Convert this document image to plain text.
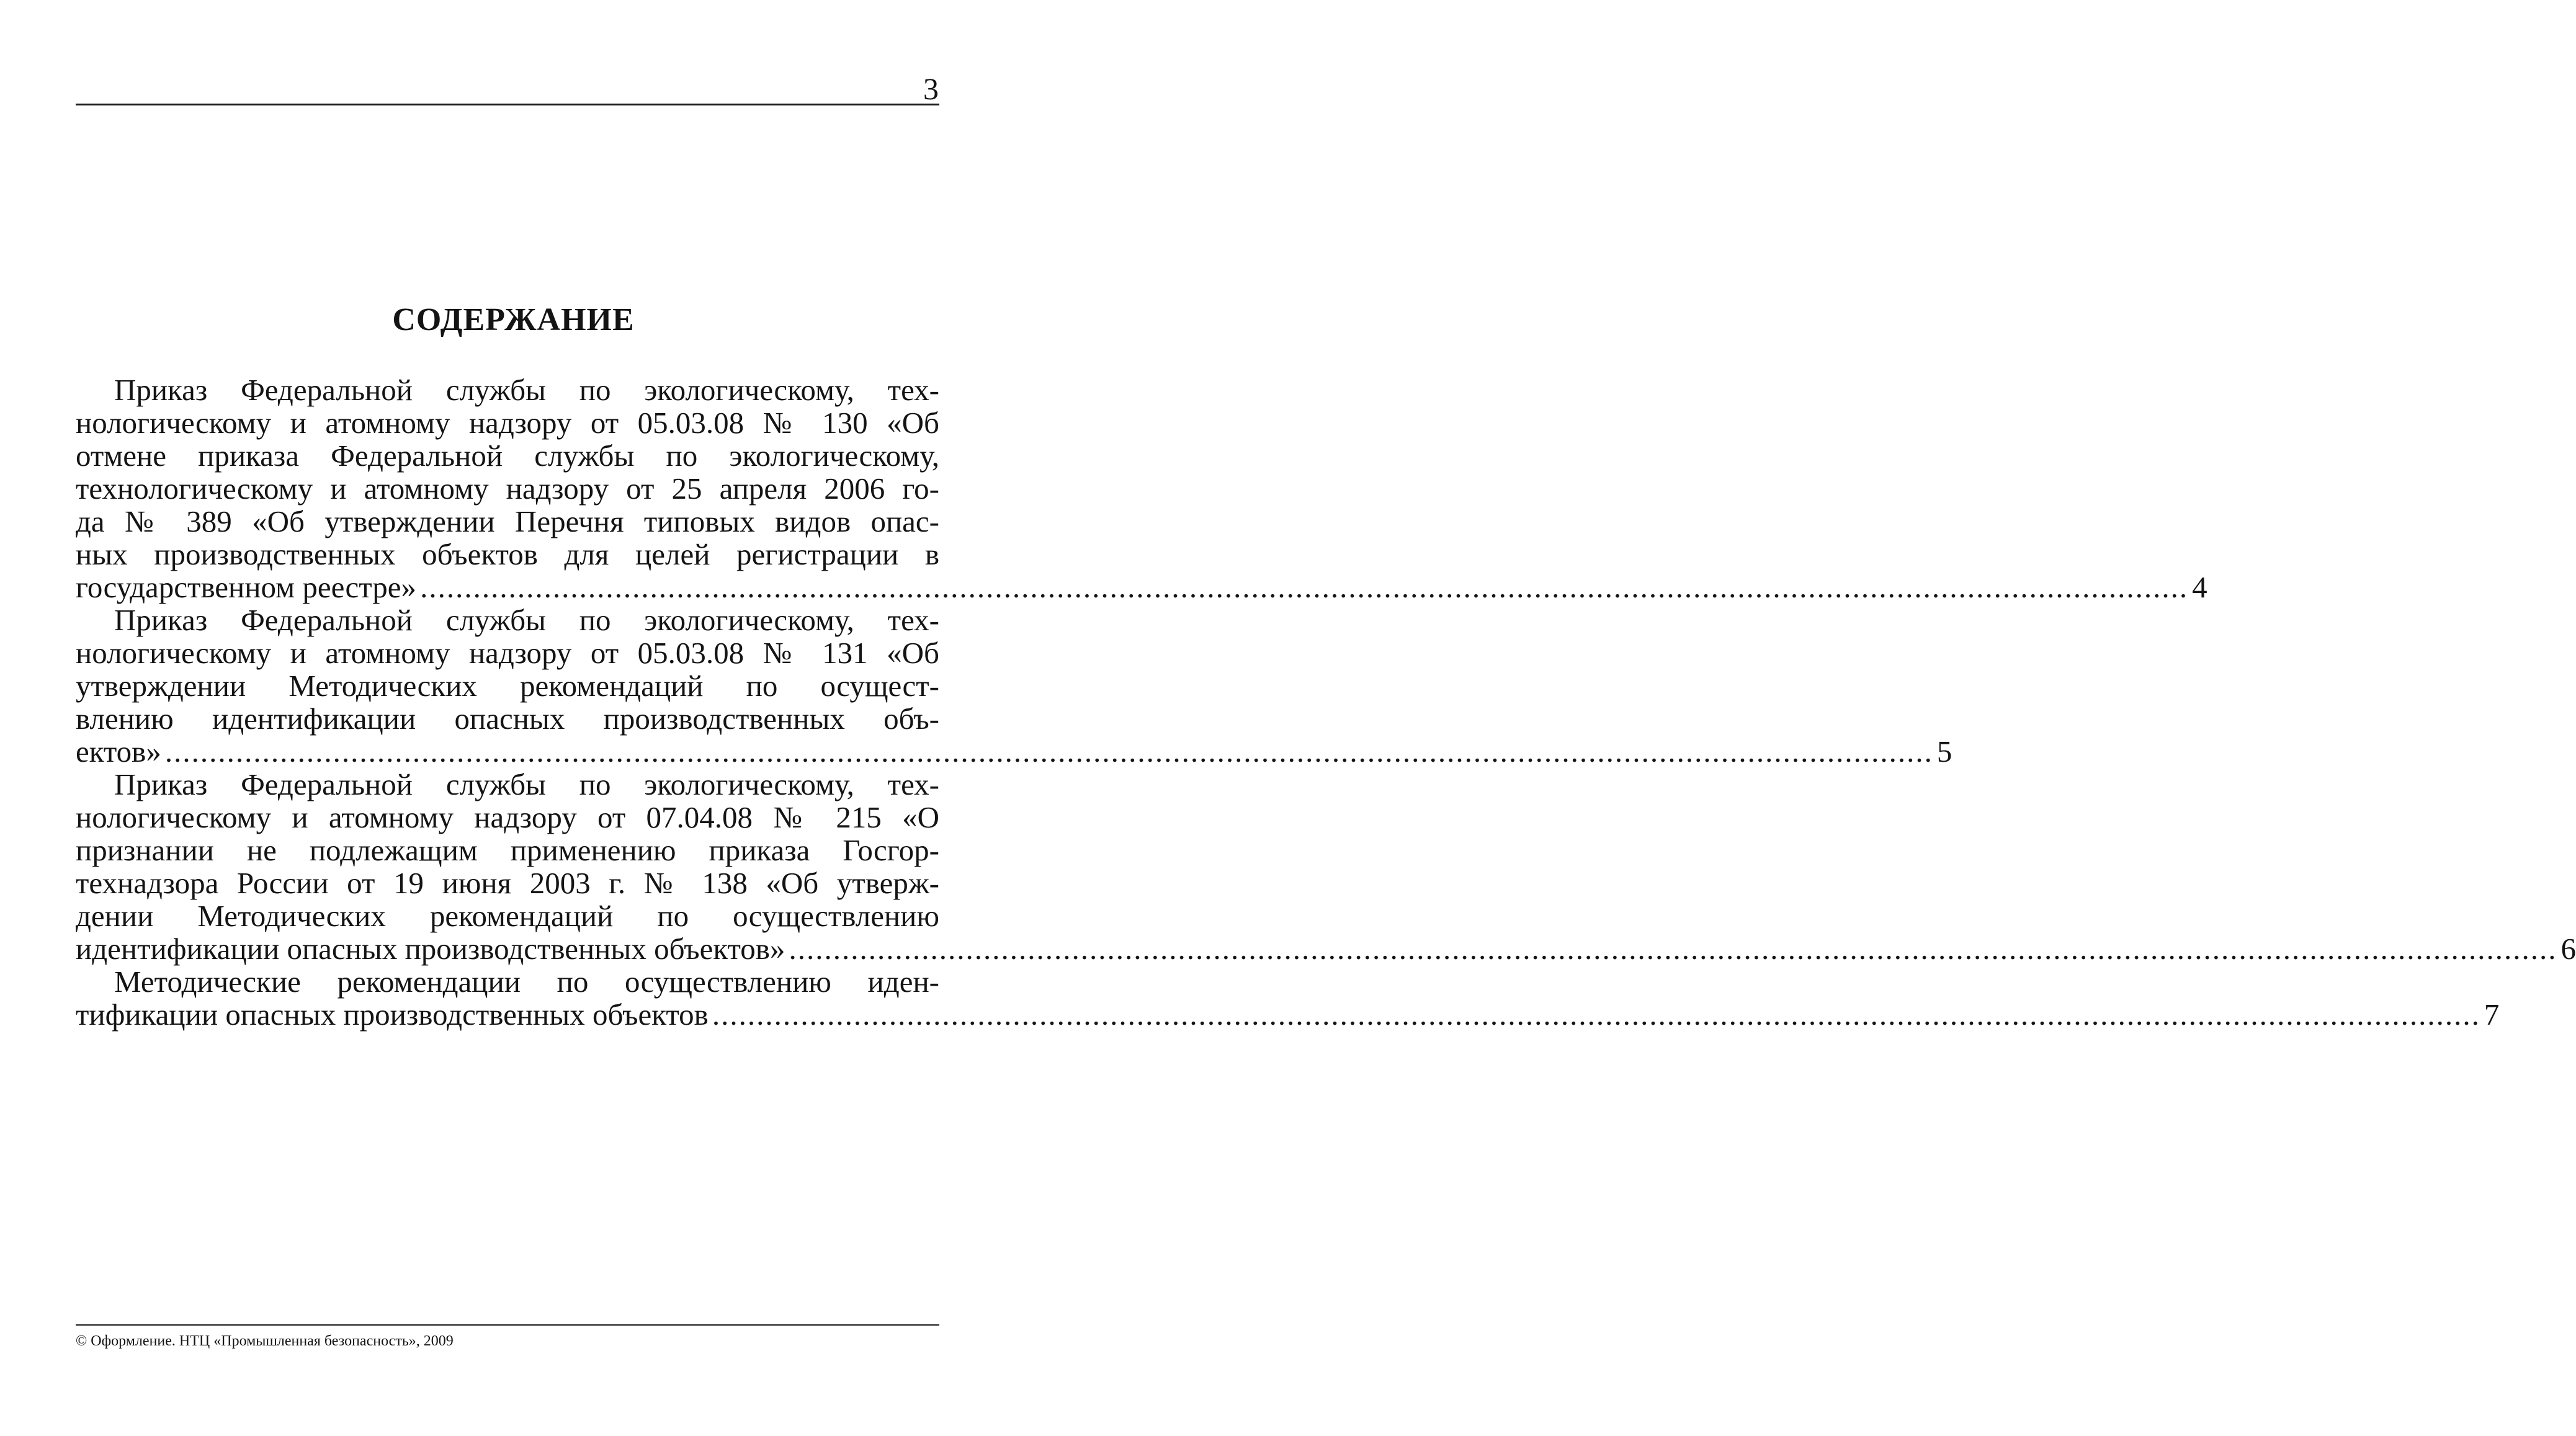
3
СОДЕРЖАНИЕ
Приказ Федеральной службы по экологическому, тех-
нологическому и атомному надзору от 05.03.08 № 130 «Об
отмене приказа Федеральной службы по экологическому,
технологическому и атомному надзору от 25 апреля 2006 го-
да № 389 «Об утверждении Перечня типовых видов опас-
ных производственных объектов для целей регистрации в
государственном реестре» ........................................................................................................................................................................................................ 4
Приказ Федеральной службы по экологическому, тех-
нологическому и атомному надзору от 05.03.08 № 131 «Об
утверждении Методических рекомендаций по осущест-
влению идентификации опасных производственных объ-
ектов» ........................................................................................................................................................................................................ 5
Приказ Федеральной службы по экологическому, тех-
нологическому и атомному надзору от 07.04.08 № 215 «О
признании не подлежащим применению приказа Госгор-
технадзора России от 19 июня 2003 г. № 138 «Об утверж-
дении Методических рекомендаций по осуществлению
идентификации опасных производственных объектов» ........................................................................................................................................................................................................ 6
Методические рекомендации по осуществлению иден-
тификации опасных производственных объектов ........................................................................................................................................................................................................ 7
© Оформление. НТЦ «Промышленная безопасность», 2009
